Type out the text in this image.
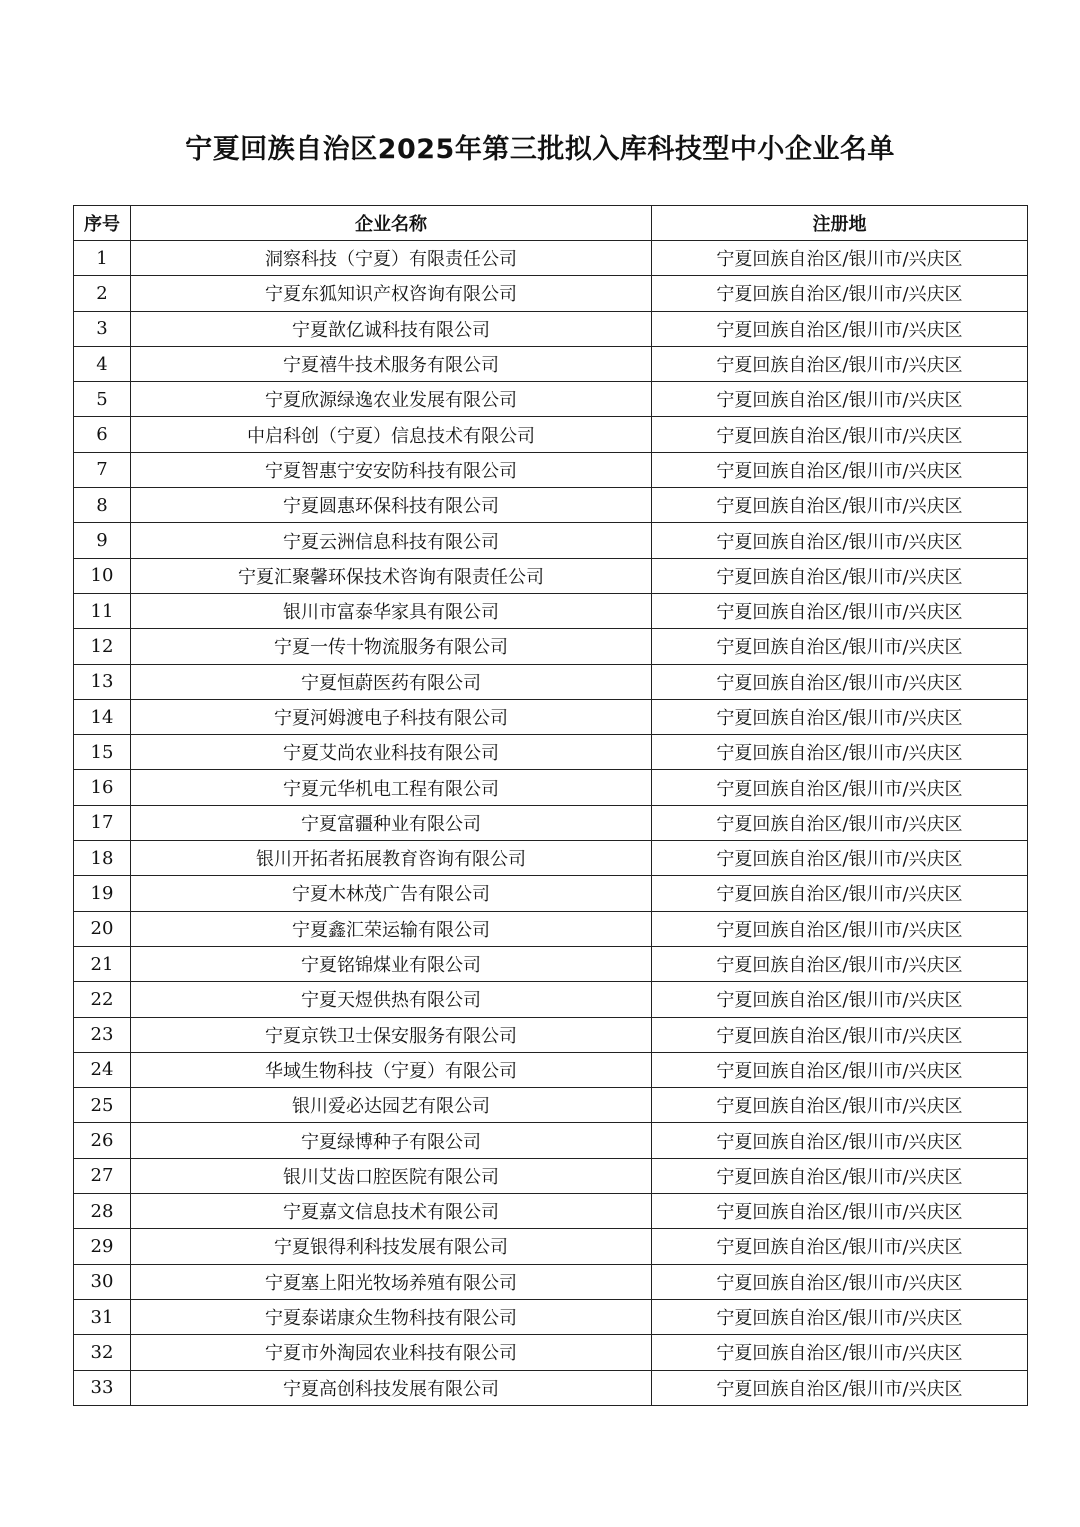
宁夏回族自治区2025年第三批拟入库科技型中小企业名单
序号	企业名称	注册地
1	洞察科技（宁夏）有限责任公司	宁夏回族自治区/银川市/兴庆区
2	宁夏东狐知识产权咨询有限公司	宁夏回族自治区/银川市/兴庆区
3	宁夏歆亿诚科技有限公司	宁夏回族自治区/银川市/兴庆区
4	宁夏禧牛技术服务有限公司	宁夏回族自治区/银川市/兴庆区
5	宁夏欣源绿逸农业发展有限公司	宁夏回族自治区/银川市/兴庆区
6	中启科创（宁夏）信息技术有限公司	宁夏回族自治区/银川市/兴庆区
7	宁夏智惠宁安安防科技有限公司	宁夏回族自治区/银川市/兴庆区
8	宁夏圆惠环保科技有限公司	宁夏回族自治区/银川市/兴庆区
9	宁夏云洲信息科技有限公司	宁夏回族自治区/银川市/兴庆区
10	宁夏汇聚馨环保技术咨询有限责任公司	宁夏回族自治区/银川市/兴庆区
11	银川市富泰华家具有限公司	宁夏回族自治区/银川市/兴庆区
12	宁夏一传十物流服务有限公司	宁夏回族自治区/银川市/兴庆区
13	宁夏恒蔚医药有限公司	宁夏回族自治区/银川市/兴庆区
14	宁夏河姆渡电子科技有限公司	宁夏回族自治区/银川市/兴庆区
15	宁夏艾尚农业科技有限公司	宁夏回族自治区/银川市/兴庆区
16	宁夏元华机电工程有限公司	宁夏回族自治区/银川市/兴庆区
17	宁夏富疆种业有限公司	宁夏回族自治区/银川市/兴庆区
18	银川开拓者拓展教育咨询有限公司	宁夏回族自治区/银川市/兴庆区
19	宁夏木林茂广告有限公司	宁夏回族自治区/银川市/兴庆区
20	宁夏鑫汇荣运输有限公司	宁夏回族自治区/银川市/兴庆区
21	宁夏铭锦煤业有限公司	宁夏回族自治区/银川市/兴庆区
22	宁夏天煜供热有限公司	宁夏回族自治区/银川市/兴庆区
23	宁夏京铁卫士保安服务有限公司	宁夏回族自治区/银川市/兴庆区
24	华域生物科技（宁夏）有限公司	宁夏回族自治区/银川市/兴庆区
25	银川爱必达园艺有限公司	宁夏回族自治区/银川市/兴庆区
26	宁夏绿博种子有限公司	宁夏回族自治区/银川市/兴庆区
27	银川艾齿口腔医院有限公司	宁夏回族自治区/银川市/兴庆区
28	宁夏嘉文信息技术有限公司	宁夏回族自治区/银川市/兴庆区
29	宁夏银得利科技发展有限公司	宁夏回族自治区/银川市/兴庆区
30	宁夏塞上阳光牧场养殖有限公司	宁夏回族自治区/银川市/兴庆区
31	宁夏泰诺康众生物科技有限公司	宁夏回族自治区/银川市/兴庆区
32	宁夏市外淘园农业科技有限公司	宁夏回族自治区/银川市/兴庆区
33	宁夏高创科技发展有限公司	宁夏回族自治区/银川市/兴庆区
